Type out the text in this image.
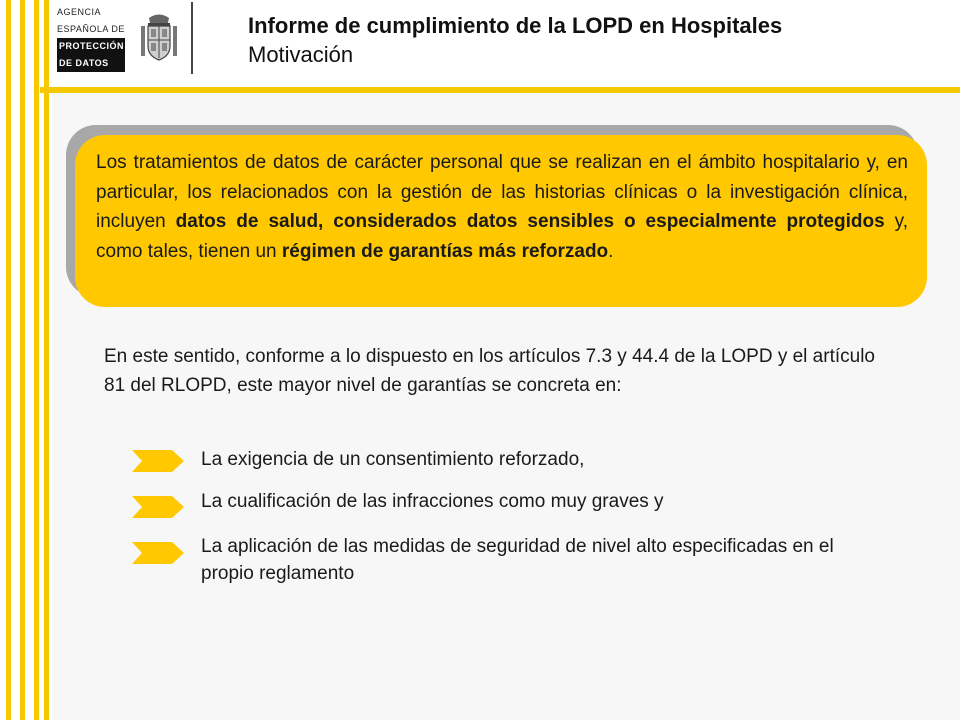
AGENCIA
ESPAÑOLA DE
PROTECCIÓN
DE DATOS
Informe de cumplimiento de la LOPD en Hospitales
Motivación
Los tratamientos de datos de carácter personal que se realizan en el ámbito hospitalario y, en particular, los relacionados con la gestión de las historias clínicas o la investigación clínica, incluyen datos de salud, considerados datos sensibles o especialmente protegidos y, como tales, tienen un régimen de garantías más reforzado.
En este sentido, conforme a lo dispuesto en los artículos 7.3 y 44.4 de la LOPD y el artículo 81 del RLOPD, este mayor nivel de garantías se concreta en:
La exigencia de un consentimiento reforzado,
La cualificación de las infracciones como muy graves y
La aplicación de las medidas de seguridad de nivel alto especificadas en el propio reglamento
